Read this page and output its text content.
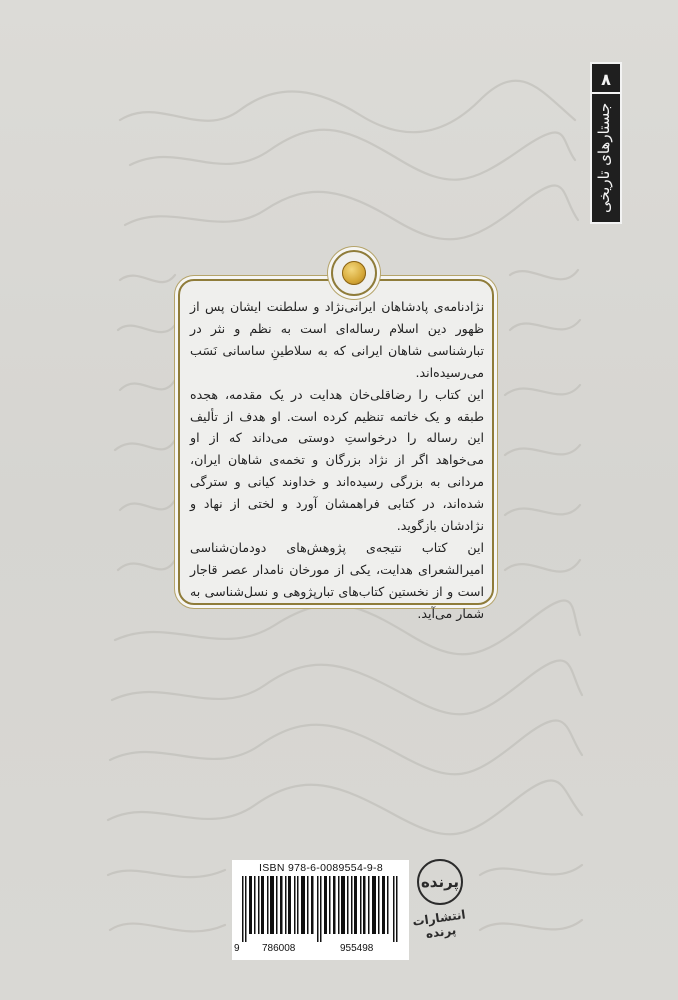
۸
جستارهای تاریخی

نژادنامه‌ی پادشاهان ایرانی‌نژاد و سلطنت ایشان پس از ظهور دین اسلام رساله‌ای است به نظم و نثر در تبارشناسی شاهان ایرانی که به سلاطینِ ساسانی نَسَب می‌رسیده‌اند.

این کتاب را رضاقلی‌خان هدایت در یک مقدمه، هجده طبقه و یک خاتمه تنظیم کرده است. او هدف از تألیف این رساله را درخواستِ دوستی می‌داند که از او می‌خواهد اگر از نژاد بزرگان و تخمه‌ی شاهان ایران، مردانی به بزرگی رسیده‌اند و خداوند کیانی و سترگی شده‌اند، در کتابی فراهمشان آورد و لختی از نهاد و نژادشان بازگوید.

این کتاب نتیجه‌ی پژوهش‌های دودمان‌شناسی امیرالشعرای هدایت، یکی از مورخان نامدار عصر قاجار است و از نخستین کتاب‌های تبارپژوهی و نسل‌شناسی به شمار می‌آید.

ISBN 978-6-0089554-9-8
9 786008	955498
پرنده
انتشارات پرنده
